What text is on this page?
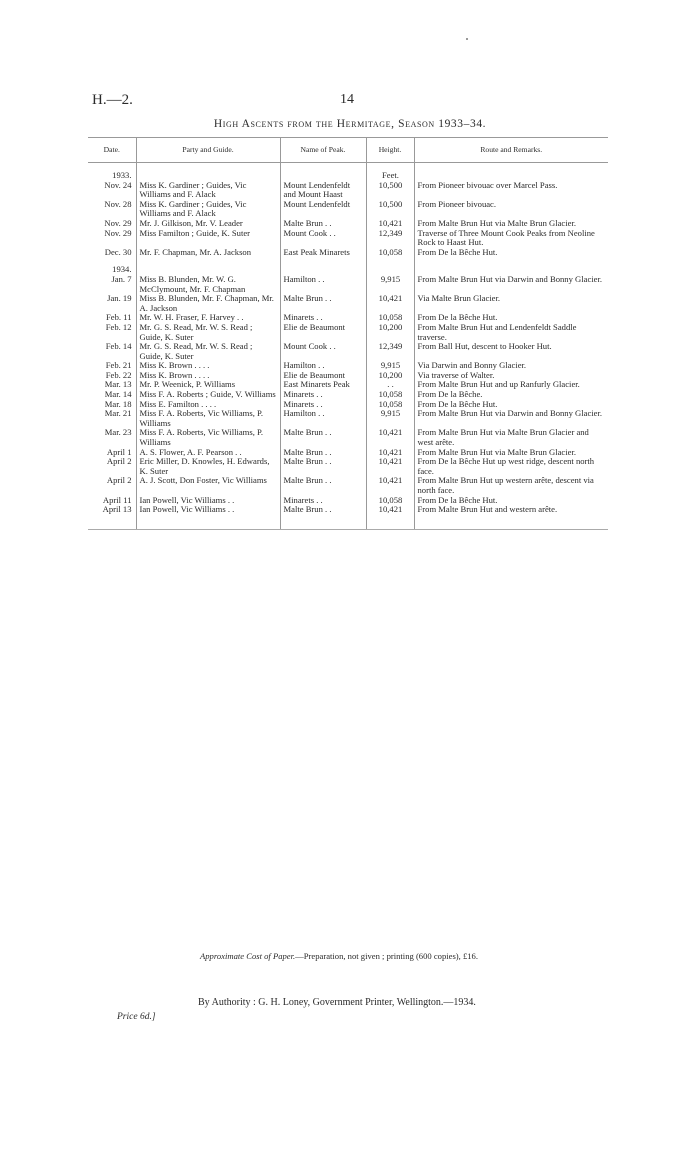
H.—2.	14
High Ascents from the Hermitage, Season 1933–34.
Date.	Party and Guide.	Name of Peak.	Height.	Route and Remarks.
1933.			Feet.	
Nov. 24	Miss K. Gardiner ; Guides, Vic Williams and F. Alack	Mount Lendenfeldt and Mount Haast	10,500	From Pioneer bivouac over Marcel Pass.
Nov. 28	Miss K. Gardiner ; Guides, Vic Williams and F. Alack	Mount Lendenfeldt	10,500	From Pioneer bivouac.
Nov. 29	Mr. J. Gilkison, Mr. V. Leader	Malte Brun . .	10,421	From Malte Brun Hut via Malte Brun Glacier.
Nov. 29	Miss Familton ; Guide, K. Suter	Mount Cook . .	12,349	Traverse of Three Mount Cook Peaks from Neoline Rock to Haast Hut.
Dec. 30	Mr. F. Chapman, Mr. A. Jackson	East Peak Minarets	10,058	From De la Bêche Hut.
1934.				
Jan. 7	Miss B. Blunden, Mr. W. G. McClymount, Mr. F. Chapman	Hamilton . .	9,915	From Malte Brun Hut via Darwin and Bonny Glacier.
Jan. 19	Miss B. Blunden, Mr. F. Chapman, Mr. A. Jackson	Malte Brun . .	10,421	Via Malte Brun Glacier.
Feb. 11	Mr. W. H. Fraser, F. Harvey . .	Minarets . .	10,058	From De la Bêche Hut.
Feb. 12	Mr. G. S. Read, Mr. W. S. Read ; Guide, K. Suter	Elie de Beaumont	10,200	From Malte Brun Hut and Lendenfeldt Saddle traverse.
Feb. 14	Mr. G. S. Read, Mr. W. S. Read ; Guide, K. Suter	Mount Cook . .	12,349	From Ball Hut, descent to Hooker Hut.
Feb. 21	Miss K. Brown . . . .	Hamilton . .	9,915	Via Darwin and Bonny Glacier.
Feb. 22	Miss K. Brown . . . .	Elie de Beaumont	10,200	Via traverse of Walter.
Mar. 13	Mr. P. Weenick, P. Williams	East Minarets Peak	. .	From Malte Brun Hut and up Ranfurly Glacier.
Mar. 14	Miss F. A. Roberts ; Guide, V. Williams	Minarets . .	10,058	From De la Bêche.
Mar. 18	Miss E. Familton . . . .	Minarets . .	10,058	From De la Bêche Hut.
Mar. 21	Miss F. A. Roberts, Vic Williams, P. Williams	Hamilton . .	9,915	From Malte Brun Hut via Darwin and Bonny Glacier.
Mar. 23	Miss F. A. Roberts, Vic Williams, P. Williams	Malte Brun . .	10,421	From Malte Brun Hut via Malte Brun Glacier and west arête.
April 1	A. S. Flower, A. F. Pearson . .	Malte Brun . .	10,421	From Malte Brun Hut via Malte Brun Glacier.
April 2	Eric Miller, D. Knowles, H. Edwards, K. Suter	Malte Brun . .	10,421	From De la Bêche Hut up west ridge, descent north face.
April 2	A. J. Scott, Don Foster, Vic Williams	Malte Brun . .	10,421	From Malte Brun Hut up western arête, descent via north face.
April 11	Ian Powell, Vic Williams . .	Minarets . .	10,058	From De la Bêche Hut.
April 13	Ian Powell, Vic Williams . .	Malte Brun . .	10,421	From Malte Brun Hut and western arête.

Approximate Cost of Paper.—Preparation, not given ; printing (600 copies), £16.
By Authority : G. H. Loney, Government Printer, Wellington.—1934.
Price 6d.]
